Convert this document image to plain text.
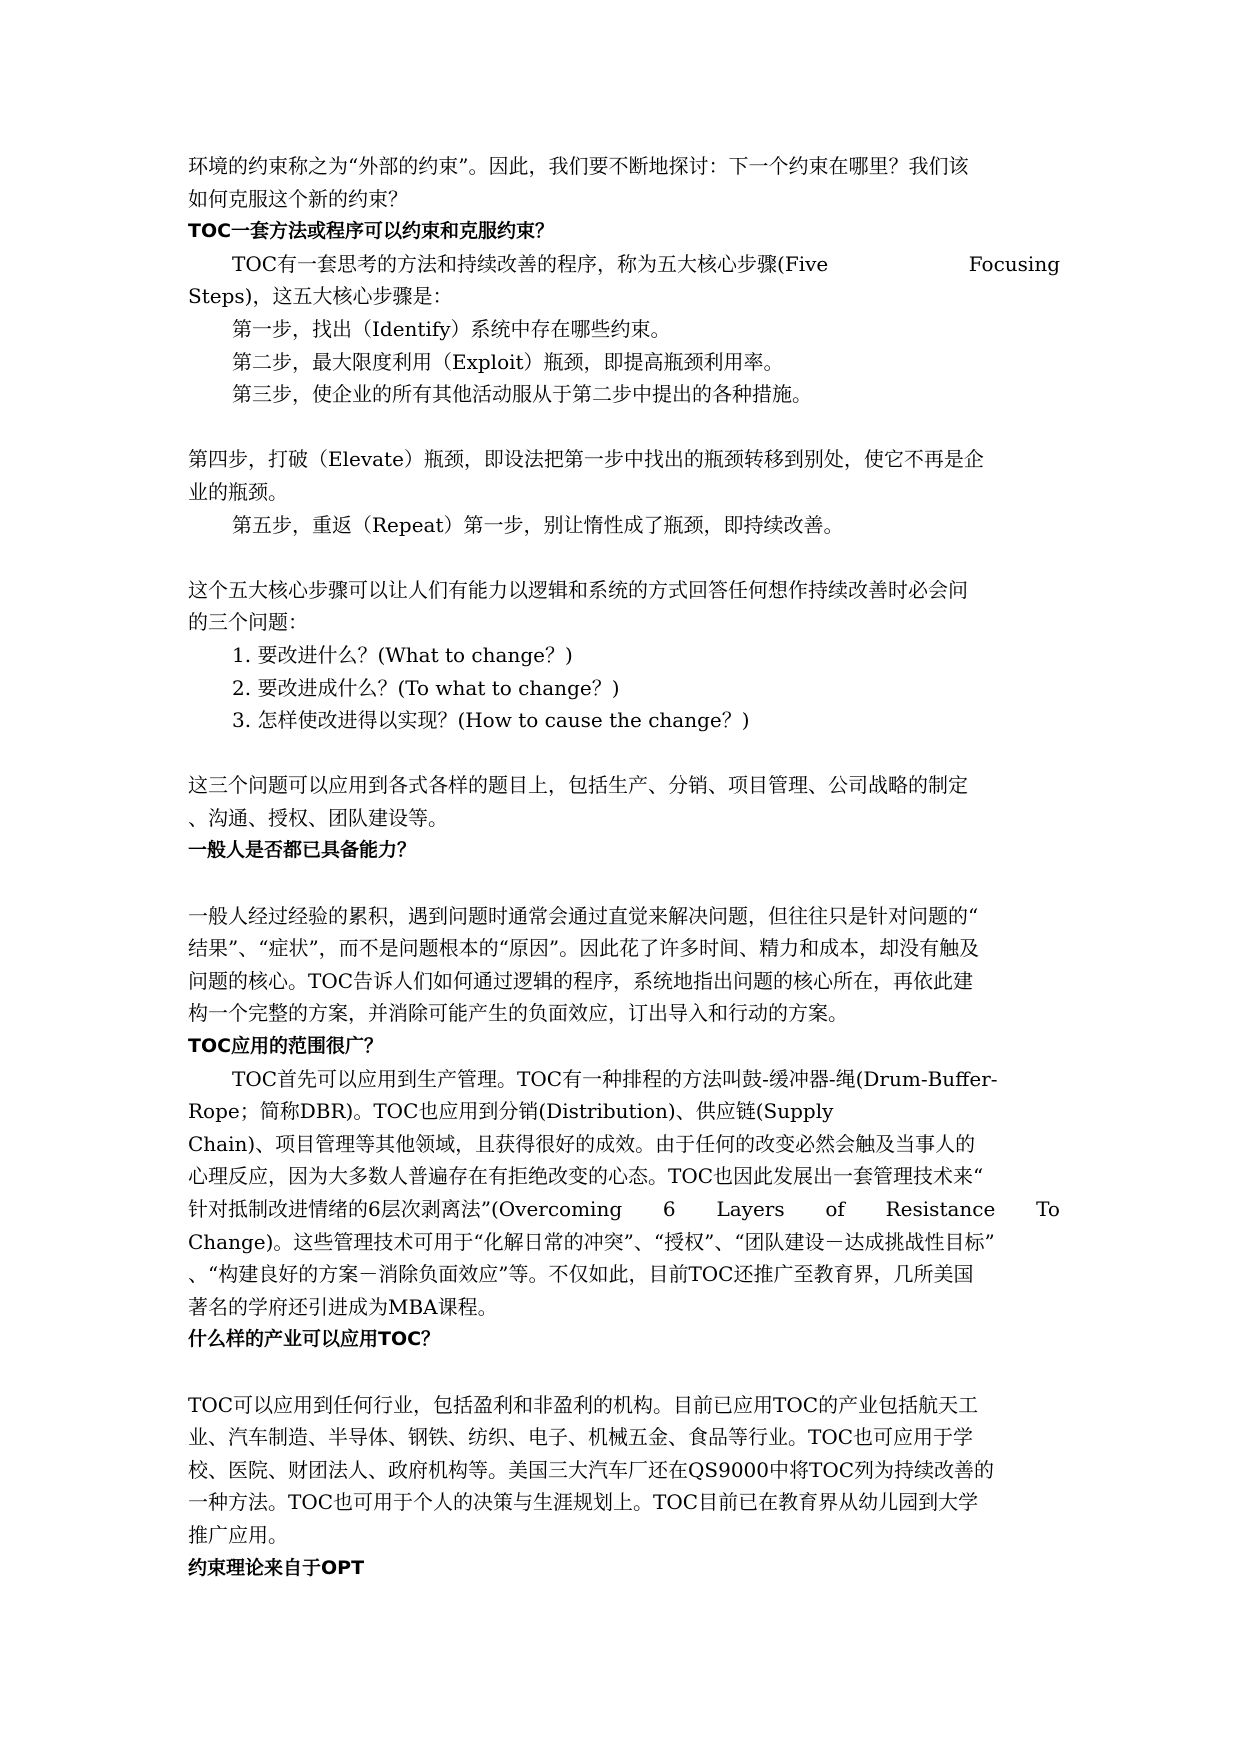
环境的约束称之为“外部的约束”。因此，我们要不断地探讨：下一个约束在哪里？我们该
如何克服这个新的约束？
TOC一套方法或程序可以约束和克服约束？
TOC有一套思考的方法和持续改善的程序，称为五大核心步骤(Five	Focusing
Steps)，这五大核心步骤是：
第一步，找出（Identify）系统中存在哪些约束。
第二步，最大限度利用（Exploit）瓶颈，即提高瓶颈利用率。
第三步，使企业的所有其他活动服从于第二步中提出的各种措施。
第四步，打破（Elevate）瓶颈，即设法把第一步中找出的瓶颈转移到别处，使它不再是企
业的瓶颈。
第五步，重返（Repeat）第一步，别让惰性成了瓶颈，即持续改善。
这个五大核心步骤可以让人们有能力以逻辑和系统的方式回答任何想作持续改善时必会问
的三个问题：
1. 要改进什么？(What to change？)
2. 要改进成什么？(To what to change？)
3. 怎样使改进得以实现？(How to cause the change？)
这三个问题可以应用到各式各样的题目上，包括生产、分销、项目管理、公司战略的制定
、沟通、授权、团队建设等。
一般人是否都已具备能力？
一般人经过经验的累积，遇到问题时通常会通过直觉来解决问题，但往往只是针对问题的“
结果”、“症状”，而不是问题根本的“原因”。因此花了许多时间、精力和成本，却没有触及
问题的核心。TOC告诉人们如何通过逻辑的程序，系统地指出问题的核心所在，再依此建
构一个完整的方案，并消除可能产生的负面效应，订出导入和行动的方案。
TOC应用的范围很广？
TOC首先可以应用到生产管理。TOC有一种排程的方法叫鼓-缓冲器-绳(Drum-Buffer-
Rope；简称DBR)。TOC也应用到分销(Distribution)、供应链(Supply
Chain)、项目管理等其他领域，且获得很好的成效。由于任何的改变必然会触及当事人的
心理反应，因为大多数人普遍存在有拒绝改变的心态。TOC也因此发展出一套管理技术来“
针对抵制改进情绪的6层次剥离法”(Overcoming 6 Layers of Resistance To
Change)。这些管理技术可用于“化解日常的冲突”、“授权”、“团队建设－达成挑战性目标”
、“构建良好的方案－消除负面效应”等。不仅如此，目前TOC还推广至教育界，几所美国
著名的学府还引进成为MBA课程。
什么样的产业可以应用TOC？
TOC可以应用到任何行业，包括盈利和非盈利的机构。目前已应用TOC的产业包括航天工
业、汽车制造、半导体、钢铁、纺织、电子、机械五金、食品等行业。TOC也可应用于学
校、医院、财团法人、政府机构等。美国三大汽车厂还在QS9000中将TOC列为持续改善的
一种方法。TOC也可用于个人的决策与生涯规划上。TOC目前已在教育界从幼儿园到大学
推广应用。
约束理论来自于OPT
